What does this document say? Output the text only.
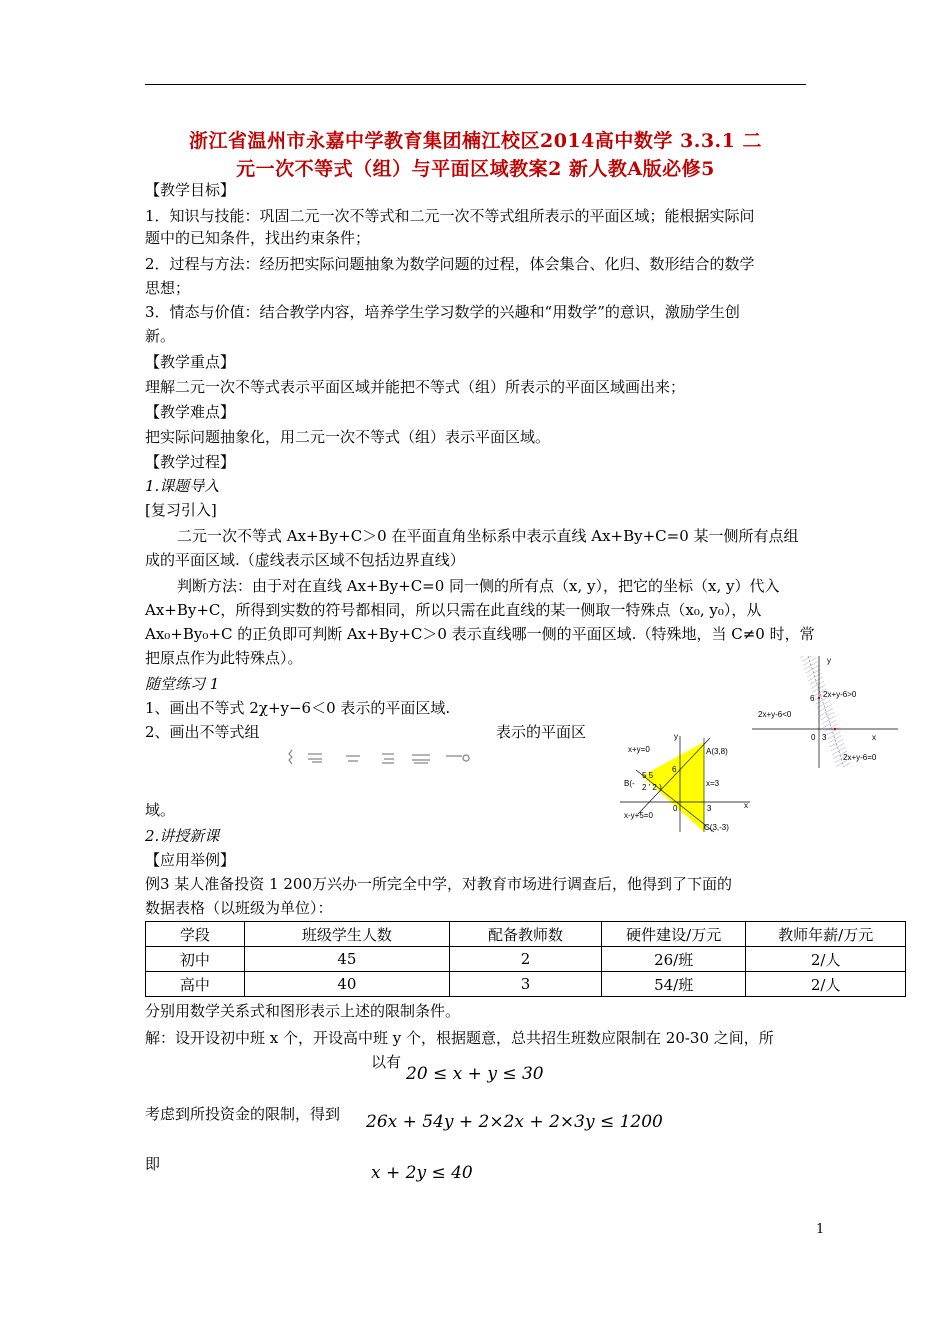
浙江省温州市永嘉中学教育集团楠江校区2014高中数学 3.3.1 二
元一次不等式（组）与平面区域教案2 新人教A版必修5
【教学目标】
1．知识与技能：巩固二元一次不等式和二元一次不等式组所表示的平面区域；能根据实际问
题中的已知条件，找出约束条件；
2．过程与方法：经历把实际问题抽象为数学问题的过程，体会集合、化归、数形结合的数学
思想；
3．情态与价值：结合教学内容，培养学生学习数学的兴趣和“用数学”的意识，激励学生创
新。
【教学重点】
理解二元一次不等式表示平面区域并能把不等式（组）所表示的平面区域画出来；
【教学难点】
把实际问题抽象化，用二元一次不等式（组）表示平面区域。
【教学过程】
1.课题导入
[复习引入]
二元一次不等式 Ax+By+C＞0 在平面直角坐标系中表示直线 Ax+By+C=0 某一侧所有点组
成的平面区域.（虚线表示区域不包括边界直线）
判断方法：由于对在直线 Ax+By+C=0 同一侧的所有点（x, y），把它的坐标（x, y）代入
Ax+By+C，所得到实数的符号都相同，所以只需在此直线的某一侧取一特殊点（x₀, y₀），从
Ax₀+By₀+C 的正负即可判断 Ax+By+C＞0 表示直线哪一侧的平面区域.（特殊地，当 C≠0 时，常
把原点作为此特殊点）。
随堂练习 1
1、画出不等式 2χ+y−6＜0 表示的平面区域.
2、画出不等式组	表示的平面区
域。
2.讲授新课
【应用举例】
例3 某人准备投资 1 200万兴办一所完全中学，对教育市场进行调查后，他得到了下面的
数据表格（以班级为单位）：
学段	班级学生人数	配备教师数	硬件建设/万元	教师年薪/万元
初中	45	2	26/班	2/人
高中	40	3	54/班	2/人
分别用数学关系式和图形表示上述的限制条件。
解：设开设初中班 x 个，开设高中班 y 个，根据题意，总共招生班数应限制在 20-30 之间，所
以有
20 ≤ x + y ≤ 30
考虑到所投资金的限制，得到 26x + 54y + 2×2x + 2×3y ≤ 1200
即	x + 2y ≤ 40
y
x
6
0 3
2x+y-6>0
2x+y-6<0
2x+y-6=0
y
x
6
0	3
A(3,8)
B(-
5 5
2 ' 2 )
C(3,-3)
x+y=0
x=3
x-y+5=0
1
